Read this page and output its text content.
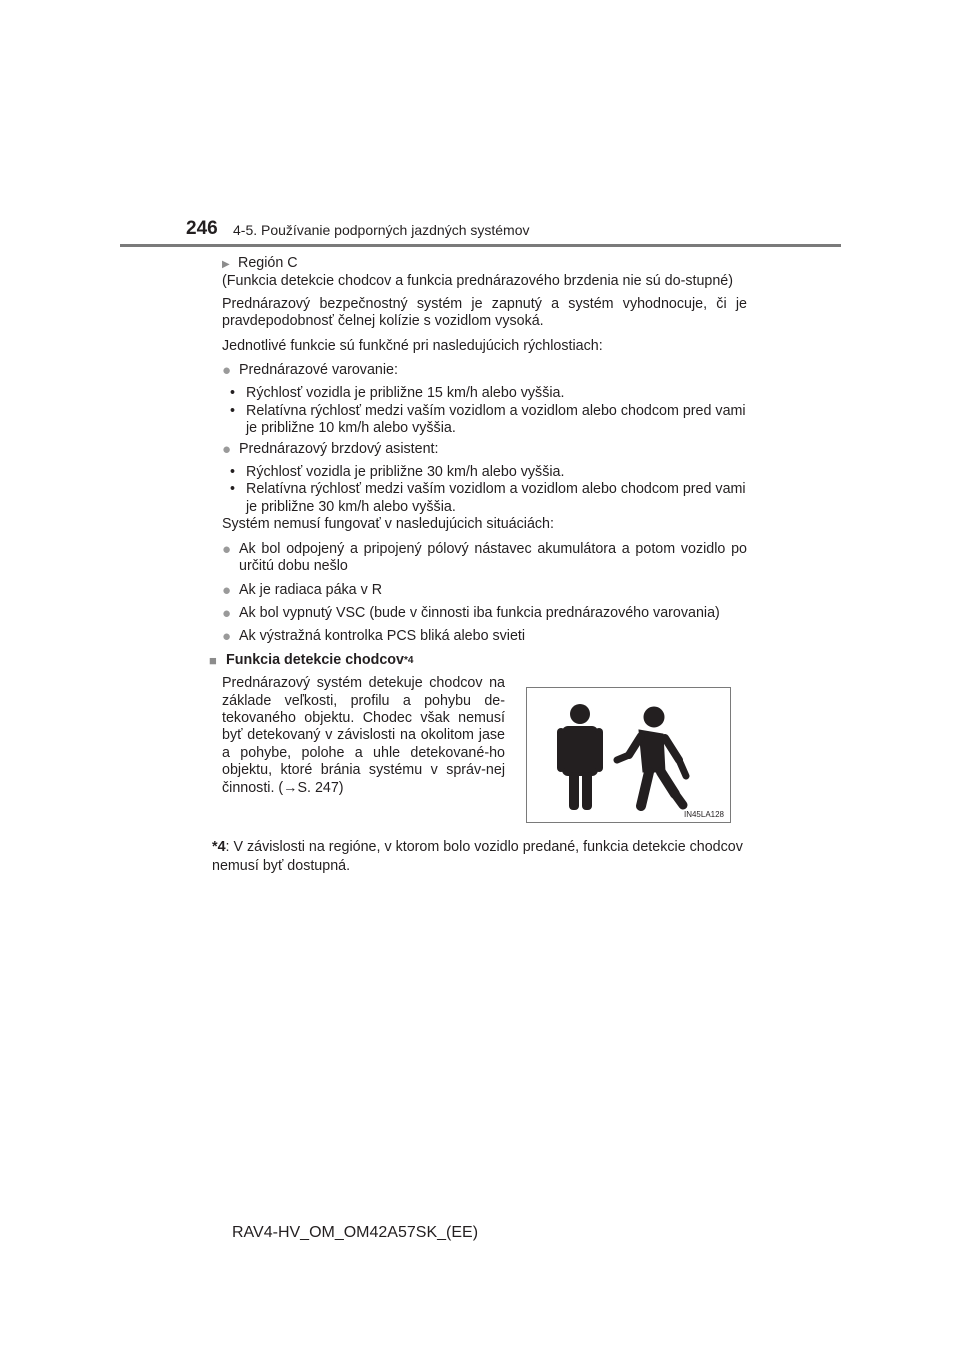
246 4-5. Používanie podporných jazdných systémov

▶ Región C

(Funkcia detekcie chodcov a funkcia prednárazového brzdenia nie sú do-stupné)

Prednárazový bezpečnostný systém je zapnutý a systém vyhodnocuje, či je pravdepodobnosť čelnej kolízie s vozidlom vysoká.

Jednotlivé funkcie sú funkčné pri nasledujúcich rýchlostiach:

● Prednárazové varovanie:
• Rýchlosť vozidla je približne 15 km/h alebo vyššia.
• Relatívna rýchlosť medzi vaším vozidlom a vozidlom alebo chodcom pred vami je približne 10 km/h alebo vyššia.
● Prednárazový brzdový asistent:
• Rýchlosť vozidla je približne 30 km/h alebo vyššia.
• Relatívna rýchlosť medzi vaším vozidlom a vozidlom alebo chodcom pred vami je približne 30 km/h alebo vyššia.

Systém nemusí fungovať v nasledujúcich situáciách:

● Ak bol odpojený a pripojený pólový nástavec akumulátora a potom vozidlo po určitú dobu nešlo
● Ak je radiaca páka v R
● Ak bol vypnutý VSC (bude v činnosti iba funkcia prednárazového varovania)
● Ak výstražná kontrolka PCS bliká alebo svieti
■ Funkcia detekcie chodcov *4

Prednárazový systém detekuje chodcov na základe veľkosti, profilu a pohybu de-tekovaného objektu. Chodec však nemusí byť detekovaný v závislosti na okolitom jase a pohybe, polohe a uhle detekované-ho objektu, ktoré bránia systému v správ-nej činnosti. (→S. 247)

IN45LA128
*4: V závislosti na regióne, v ktorom bolo vozidlo predané, funkcia detekcie chodcov nemusí byť dostupná.
RAV4-HV_OM_OM42A57SK_(EE)
